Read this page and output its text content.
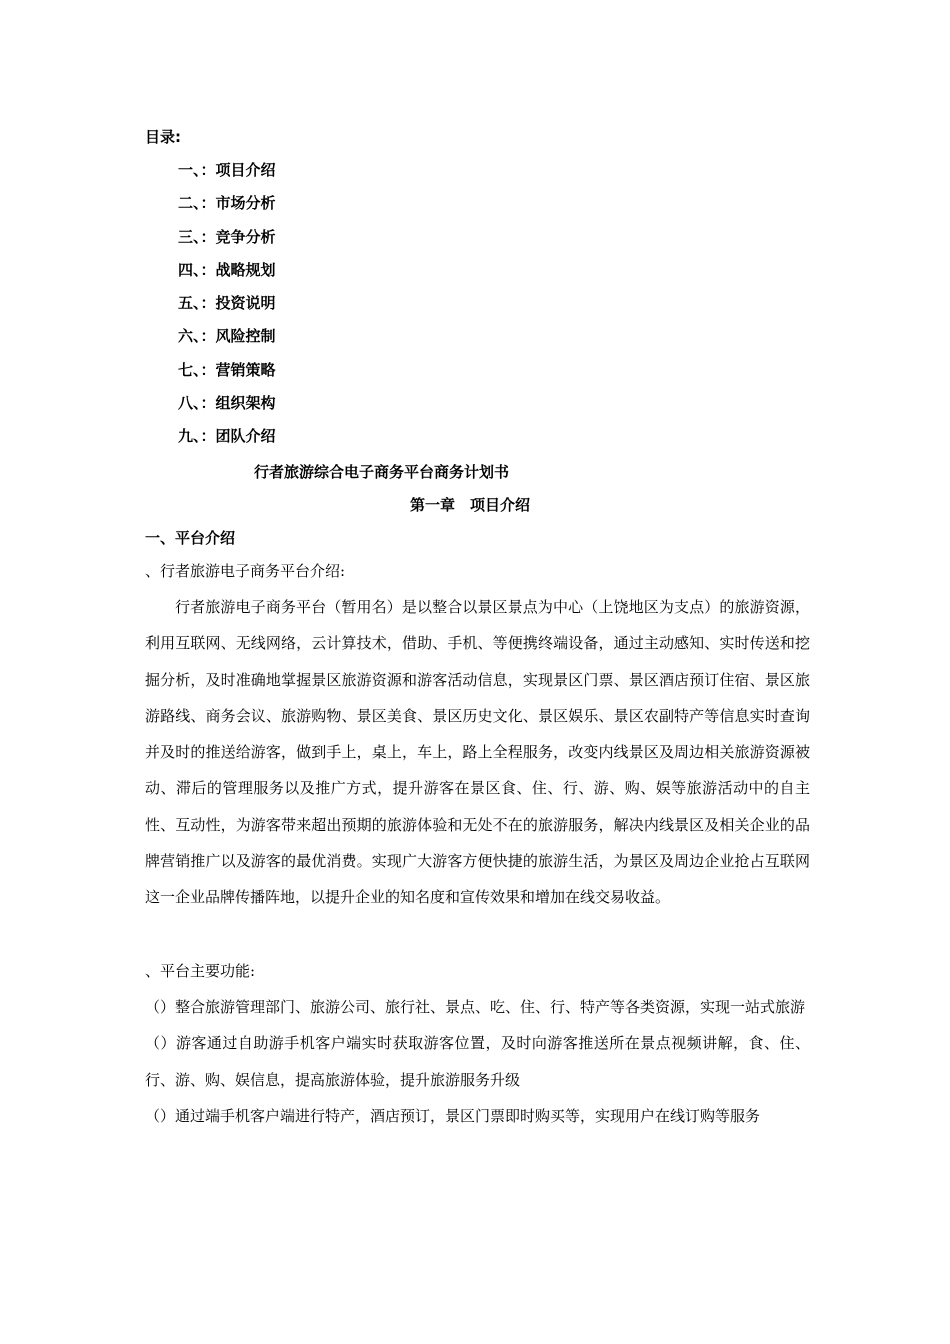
目录:
一、：项目介绍
二、：市场分析
三、：竞争分析
四、：战略规划
五、：投资说明
六、：风险控制
七、：营销策略
八、：组织架构
九、：团队介绍
行者旅游综合电子商务平台商务计划书
第一章　项目介绍
一、平台介绍
、行者旅游电子商务平台介绍:

行者旅游电子商务平台（暂用名）是以整合以景区景点为中心（上饶地区为支点）的旅游资源，利用互联网、无线网络，云计算技术，借助、手机、等便携终端设备，通过主动感知、实时传送和挖掘分析，及时准确地掌握景区旅游资源和游客活动信息，实现景区门票、景区酒店预订住宿、景区旅游路线、商务会议、旅游购物、景区美食、景区历史文化、景区娱乐、景区农副特产等信息实时查询并及时的推送给游客，做到手上，桌上，车上，路上全程服务，改变内线景区及周边相关旅游资源被动、滞后的管理服务以及推广方式，提升游客在景区食、住、行、游、购、娱等旅游活动中的自主性、互动性，为游客带来超出预期的旅游体验和无处不在的旅游服务，解决内线景区及相关企业的品牌营销推广以及游客的最优消费。实现广大游客方便快捷的旅游生活，为景区及周边企业抢占互联网这一企业品牌传播阵地，以提升企业的知名度和宣传效果和增加在线交易收益。

、平台主要功能:
（）整合旅游管理部门、旅游公司、旅行社、景点、吃、住、行、特产等各类资源，实现一站式旅游
（）游客通过自助游手机客户端实时获取游客位置，及时向游客推送所在景点视频讲解，食、住、行、游、购、娱信息，提高旅游体验，提升旅游服务升级
（）通过端手机客户端进行特产，酒店预订，景区门票即时购买等，实现用户在线订购等服务
